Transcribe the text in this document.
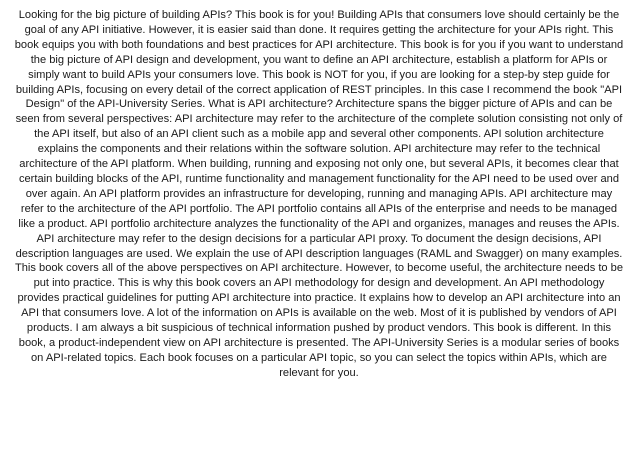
Looking for the big picture of building APIs? This book is for you! Building APIs that consumers love should certainly be the goal of any API initiative. However, it is easier said than done. It requires getting the architecture for your APIs right. This book equips you with both foundations and best practices for API architecture. This book is for you if you want to understand the big picture of API design and development, you want to define an API architecture, establish a platform for APIs or simply want to build APIs your consumers love. This book is NOT for you, if you are looking for a step-by step guide for building APIs, focusing on every detail of the correct application of REST principles. In this case I recommend the book "API Design" of the API-University Series. What is API architecture? Architecture spans the bigger picture of APIs and can be seen from several perspectives: API architecture may refer to the architecture of the complete solution consisting not only of the API itself, but also of an API client such as a mobile app and several other components. API solution architecture explains the components and their relations within the software solution. API architecture may refer to the technical architecture of the API platform. When building, running and exposing not only one, but several APIs, it becomes clear that certain building blocks of the API, runtime functionality and management functionality for the API need to be used over and over again. An API platform provides an infrastructure for developing, running and managing APIs. API architecture may refer to the architecture of the API portfolio. The API portfolio contains all APIs of the enterprise and needs to be managed like a product. API portfolio architecture analyzes the functionality of the API and organizes, manages and reuses the APIs. API architecture may refer to the design decisions for a particular API proxy. To document the design decisions, API description languages are used. We explain the use of API description languages (RAML and Swagger) on many examples. This book covers all of the above perspectives on API architecture. However, to become useful, the architecture needs to be put into practice. This is why this book covers an API methodology for design and development. An API methodology provides practical guidelines for putting API architecture into practice. It explains how to develop an API architecture into an API that consumers love. A lot of the information on APIs is available on the web. Most of it is published by vendors of API products. I am always a bit suspicious of technical information pushed by product vendors. This book is different. In this book, a product-independent view on API architecture is presented. The API-University Series is a modular series of books on API-related topics. Each book focuses on a particular API topic, so you can select the topics within APIs, which are relevant for you.
